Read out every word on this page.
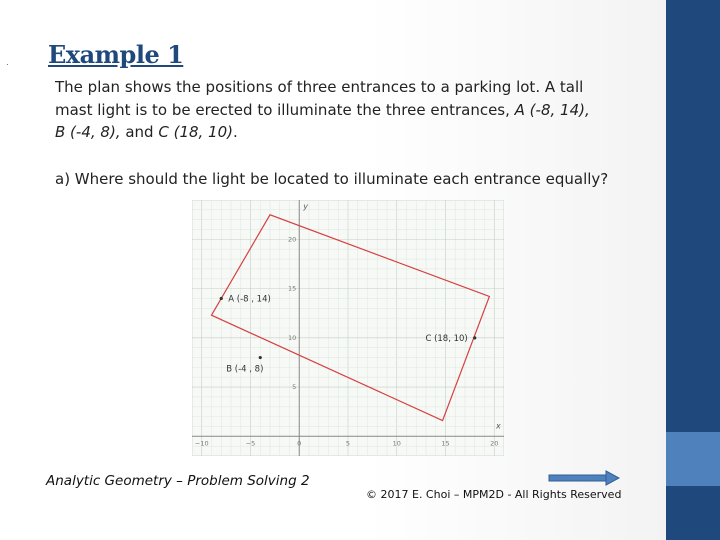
· Example 1
The plan shows the positions of three entrances to a parking lot. A tall
mast light is to be erected to illuminate the three entrances, A (-8, 14),
B (-4, 8), and C (18, 10).
a) Where should the light be located to illuminate each entrance equally?
x
y
−10	−5	0	5	10	15	20
5
10
15
20
A (-8 , 14)
B (-4 , 8)
C (18, 10)
Analytic Geometry – Problem Solving 2
© 2017 E. Choi – MPM2D - All Rights Reserved
